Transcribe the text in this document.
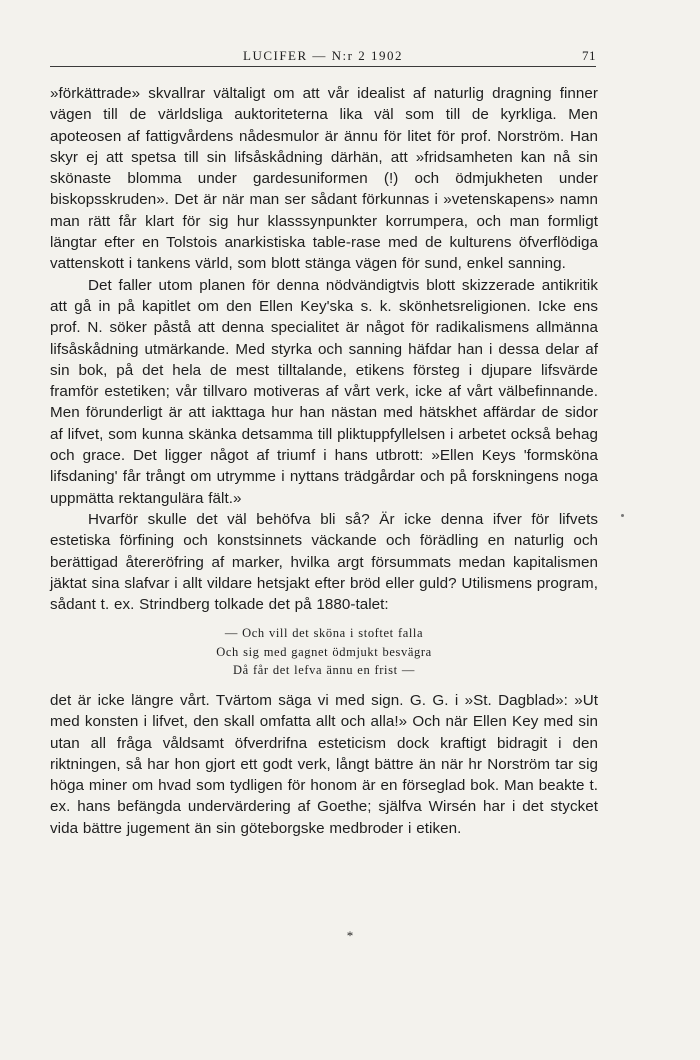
LUCIFER — N:r 2 1902	71

»förkättrade» skvallrar vältaligt om att vår idealist af naturlig dragning finner vägen till de världsliga auktoriteterna lika väl som till de kyrkliga. Men apoteosen af fattigvårdens nådesmulor är ännu för litet för prof. Norström. Han skyr ej att spetsa till sin lifsåskådning därhän, att »fridsamheten kan nå sin skönaste blomma under gardesuniformen (!) och ödmjukheten under biskopsskruden». Det är när man ser sådant förkunnas i »vetenskapens» namn man rätt får klart för sig hur klasssynpunkter korrumpera, och man formligt längtar efter en Tolstois anarkistiska table-rase med de kulturens öfverflödiga vattenskott i tankens värld, som blott stänga vägen för sund, enkel sanning.

Det faller utom planen för denna nödvändigtvis blott skizzerade antikritik att gå in på kapitlet om den Ellen Key'ska s. k. skönhetsreligionen. Icke ens prof. N. söker påstå att denna specialitet är något för radikalismens allmänna lifsåskådning utmärkande. Med styrka och sanning häfdar han i dessa delar af sin bok, på det hela de mest tilltalande, etikens försteg i djupare lifsvärde framför estetiken; vår tillvaro motiveras af vårt verk, icke af vårt välbefinnande. Men förunderligt är att iakttaga hur han nästan med hätskhet affärdar de sidor af lifvet, som kunna skänka detsamma till pliktuppfyllelsen i arbetet också behag och grace. Det ligger något af triumf i hans utbrott: »Ellen Keys 'formsköna lifsdaning' får trångt om utrymme i nyttans trädgårdar och på forskningens noga uppmätta rektangulära fält.»

Hvarför skulle det väl behöfva bli så? Är icke denna ifver för lifvets estetiska förfining och konstsinnets väckande och förädling en naturlig och berättigad återeröfring af marker, hvilka argt försummats medan kapitalismen jäktat sina slafvar i allt vildare hetsjakt efter bröd eller guld? Utilismens program, sådant t. ex. Strindberg tolkade det på 1880-talet:

— Och vill det sköna i stoftet falla
Och sig med gagnet ödmjukt besvägra
Då får det lefva ännu en frist —

det är icke längre vårt. Tvärtom säga vi med sign. G. G. i »St. Dagblad»: »Ut med konsten i lifvet, den skall omfatta allt och alla!» Och när Ellen Key med sin utan all fråga våldsamt öfverdrifna esteticism dock kraftigt bidragit i den riktningen, så har hon gjort ett godt verk, långt bättre än när hr Norström tar sig höga miner om hvad som tydligen för honom är en förseglad bok. Man beakte t. ex. hans befängda undervärdering af Goethe; själfva Wirsén har i det stycket vida bättre jugement än sin göteborgske medbroder i etiken.

*
